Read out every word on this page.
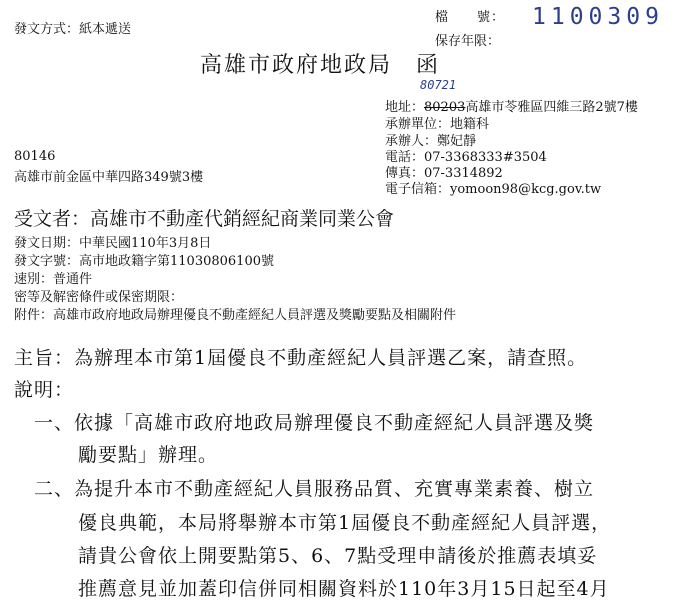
發文方式：紙本遞送
檔　　號： 1100309
保存年限：
高雄市政府地政局　函
80721
地址：80203高雄市苓雅區四維三路2號7樓
承辦單位：地籍科
承辦人：鄭妃靜
電話：07-3368333#3504
傳真：07-3314892
電子信箱：yomoon98@kcg.gov.tw
80146
高雄市前金區中華四路349號3樓
受文者：高雄市不動產代銷經紀商業同業公會
發文日期：中華民國110年3月8日
發文字號：高市地政籍字第11030806100號
速別：普通件
密等及解密條件或保密期限：
附件：高雄市政府地政局辦理優良不動產經紀人員評選及獎勵要點及相關附件
主旨：為辦理本市第1屆優良不動產經紀人員評選乙案，請查照。
說明：
一、依據「高雄市政府地政局辦理優良不動產經紀人員評選及獎
勵要點」辦理。
二、為提升本市不動產經紀人員服務品質、充實專業素養、樹立
優良典範，本局將舉辦本市第1屆優良不動產經紀人員評選，
請貴公會依上開要點第5、6、7點受理申請後於推薦表填妥
推薦意見並加蓋印信併同相關資料於110年3月15日起至4月
